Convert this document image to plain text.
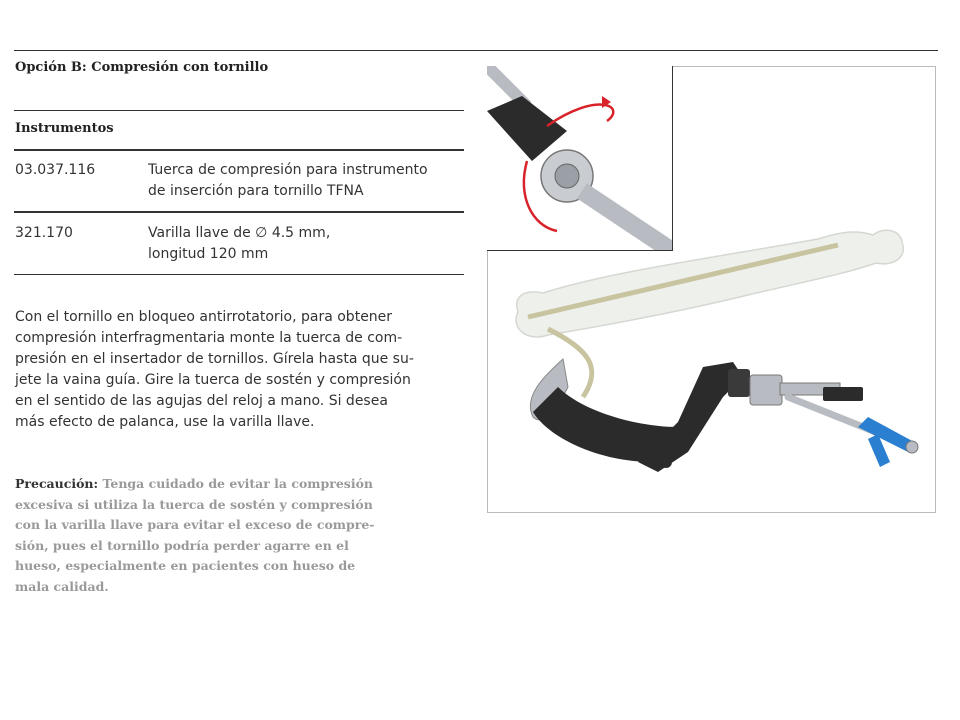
Opción B: Compresión con tornillo
Instrumentos
03.037.116	Tuerca de compresión para instrumento
de inserción para tornillo TFNA
321.170	Varilla llave de ∅ 4.5 mm,
longitud 120 mm
Con el tornillo en bloqueo antirrotatorio, para obtener
compresión interfragmentaria monte la tuerca de com-
presión en el insertador de tornillos. Gírela hasta que su-
jete la vaina guía. Gire la tuerca de sostén y compresión
en el sentido de las agujas del reloj a mano. Si desea
más efecto de palanca, use la varilla llave.
Precaución: Tenga cuidado de evitar la compresión
excesiva si utiliza la tuerca de sostén y compresión
con la varilla llave para evitar el exceso de compre-
sión, pues el tornillo podría perder agarre en el
hueso, especialmente en pacientes con hueso de
mala calidad.
